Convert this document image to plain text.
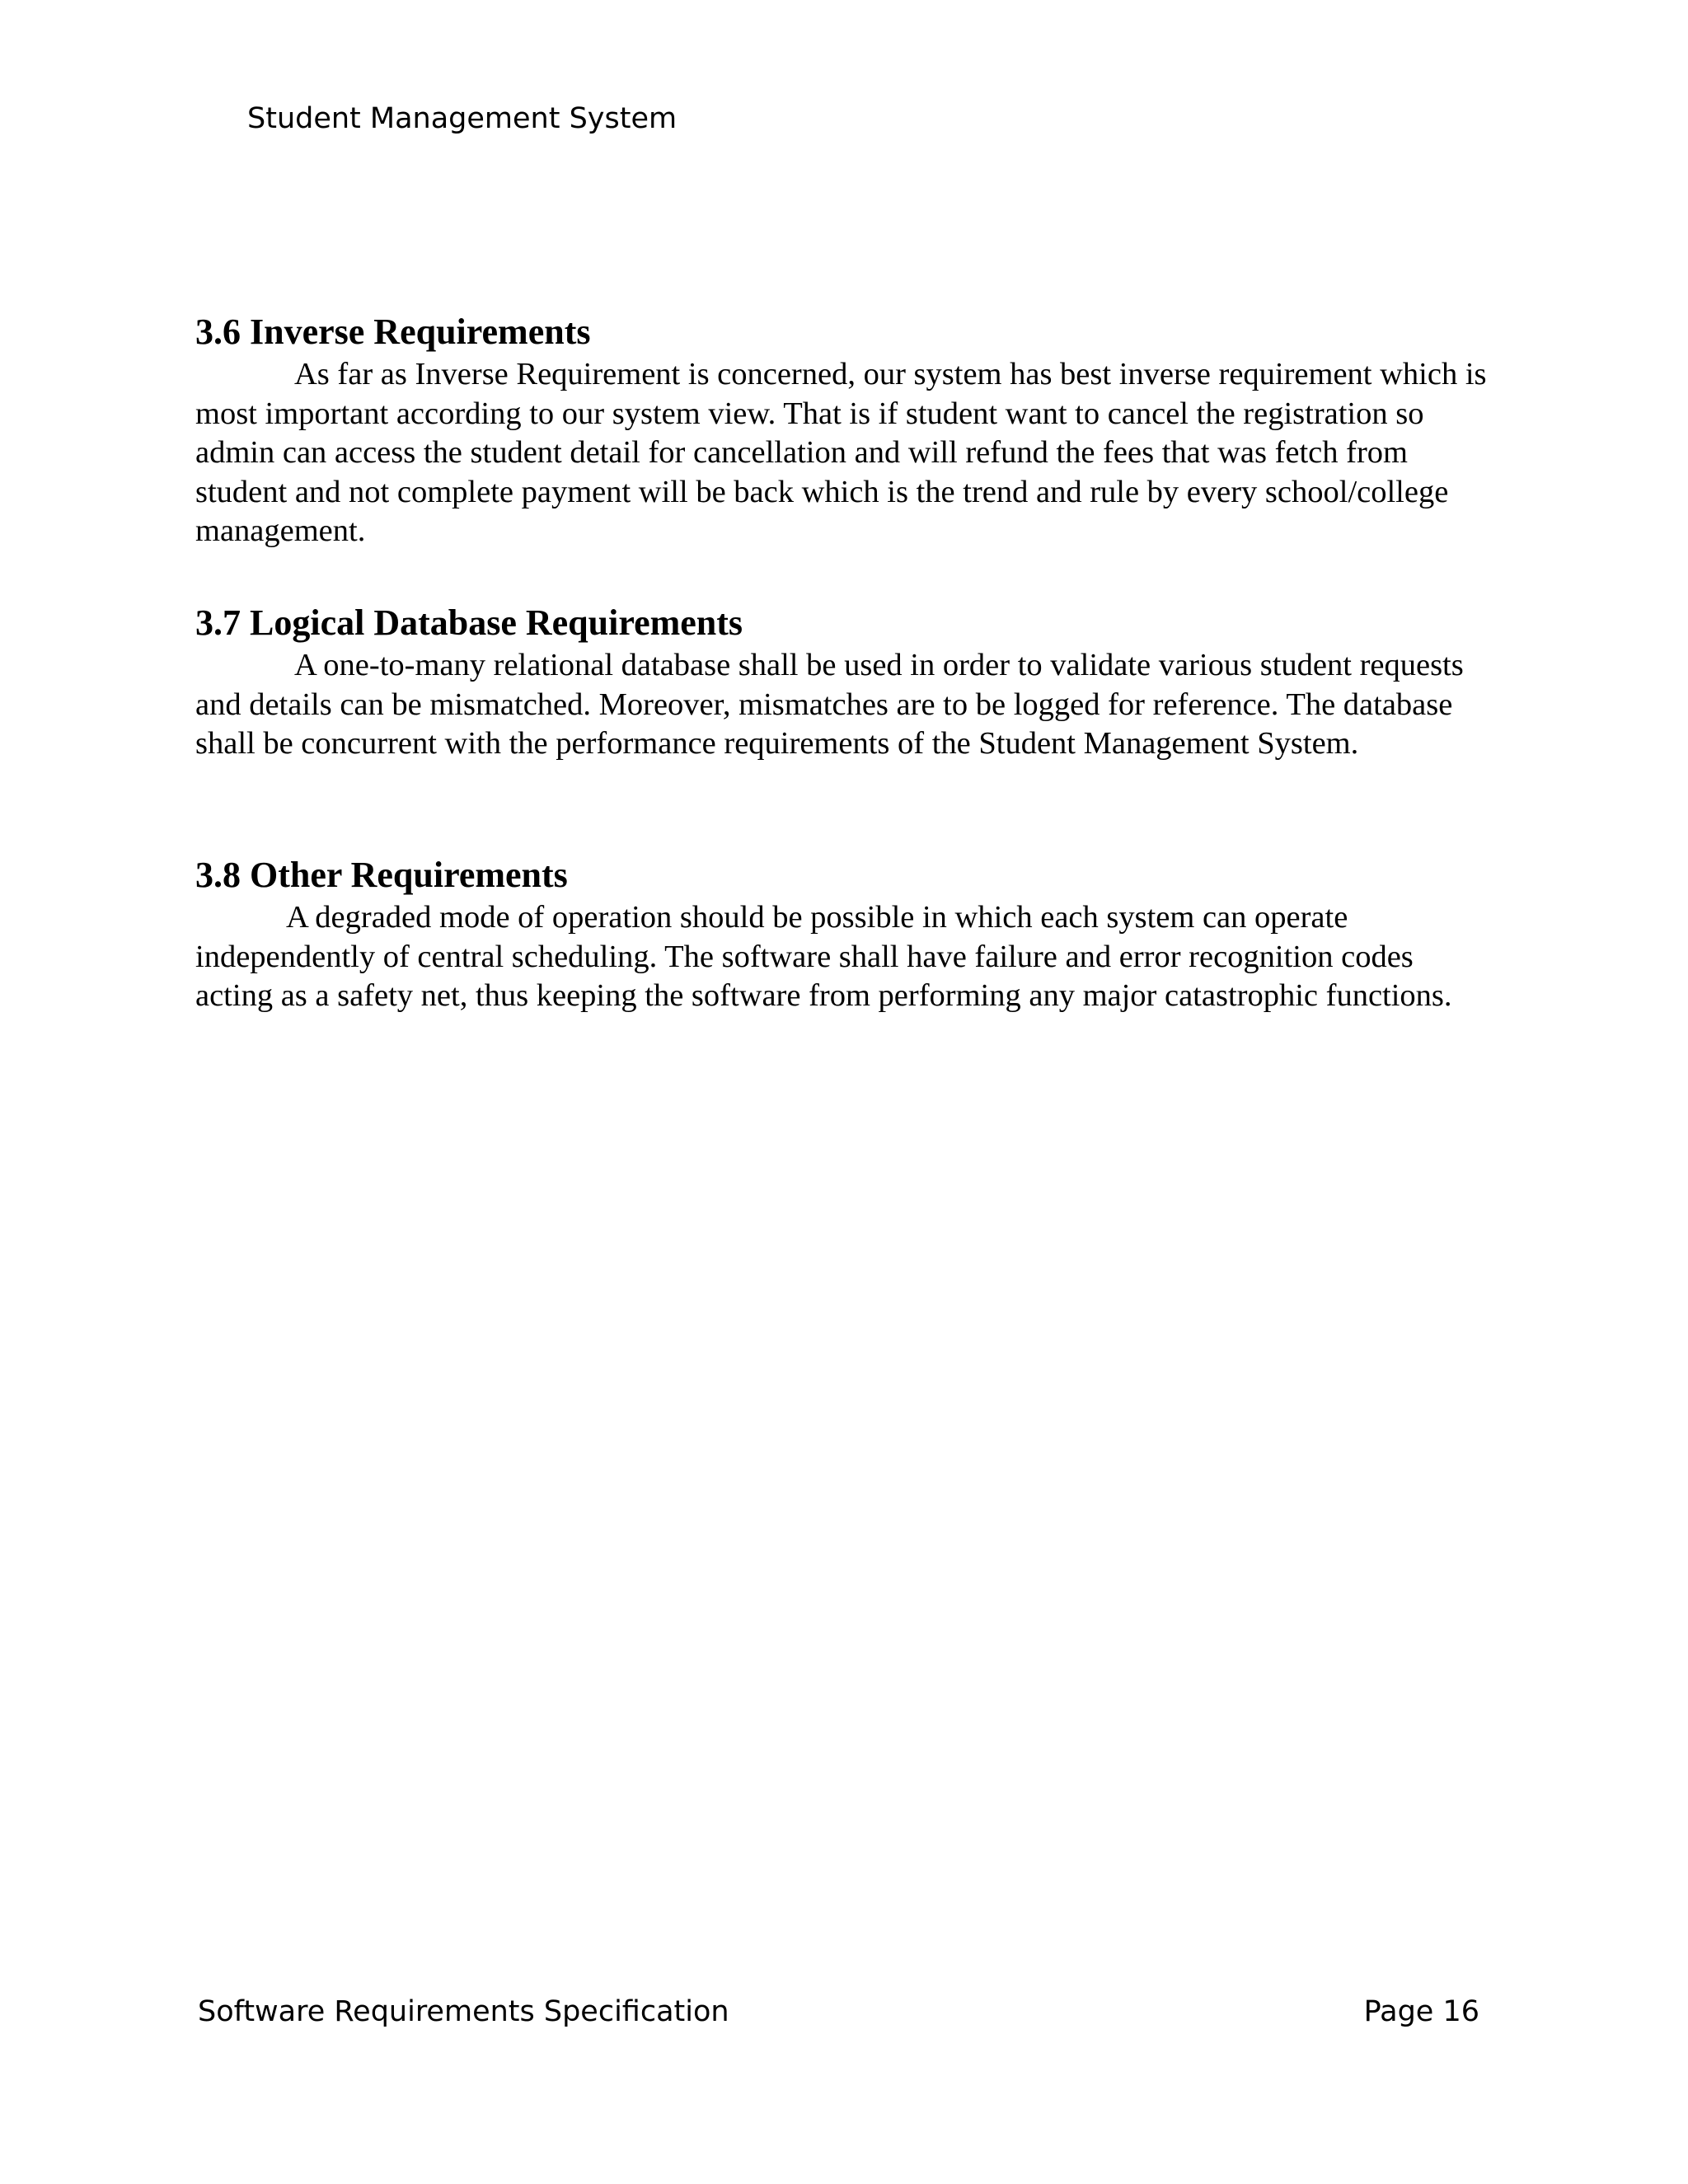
Student Management System
3.6 Inverse Requirements

As far as Inverse Requirement is concerned, our system has best inverse requirement which is most important according to our system view. That is if student want to cancel the registration so admin can access the student detail for cancellation and will refund the fees that was fetch from student and not complete payment will be back which is the trend and rule by every school/college management.

3.7 Logical Database Requirements

A one-to-many relational database shall be used in order to validate various student requests and details can be mismatched. Moreover, mismatches are to be logged for reference. The database shall be concurrent with the performance requirements of the Student Management System.

3.8 Other Requirements

A degraded mode of operation should be possible in which each system can operate independently of central scheduling. The software shall have failure and error recognition codes acting as a safety net, thus keeping the software from performing any major catastrophic functions.

Software Requirements Specification	Page 16
